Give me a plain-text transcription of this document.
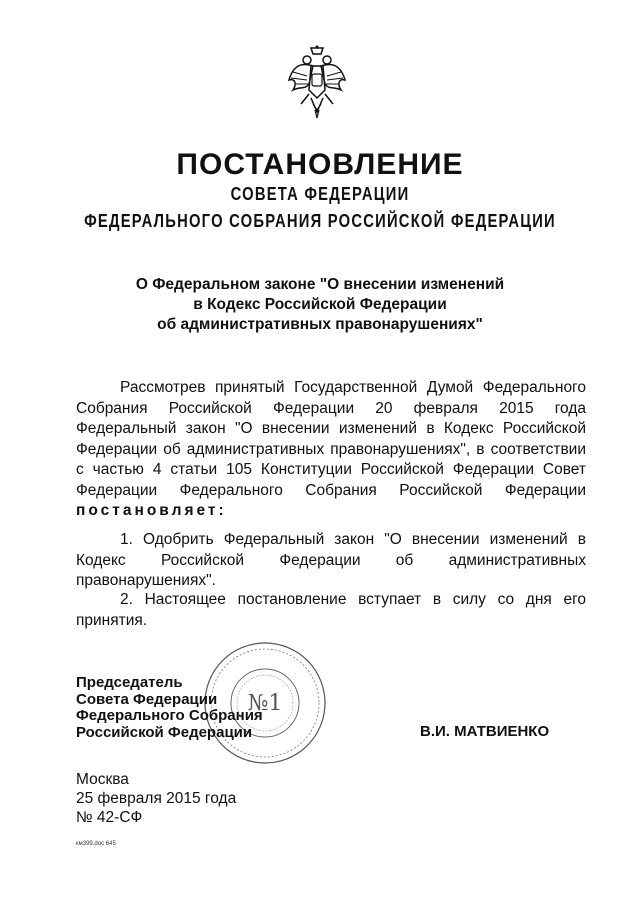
ПОСТАНОВЛЕНИЕ
СОВЕТА ФЕДЕРАЦИИ
ФЕДЕРАЛЬНОГО СОБРАНИЯ РОССИЙСКОЙ ФЕДЕРАЦИИ
О Федеральном законе "О внесении изменений
в Кодекс Российской Федерации
об административных правонарушениях"
Рассмотрев принятый Государственной Думой Федерального Собрания Российской Федерации 20 февраля 2015 года Федеральный закон "О внесении изменений в Кодекс Российской Федерации об административных правонарушениях", в соответствии с частью 4 статьи 105 Конституции Российской Федерации Совет Федерации Федерального Собрания Российской Федерации постановляет:
1. Одобрить Федеральный закон "О внесении изменений в Кодекс Российской Федерации об административных правонарушениях".
2. Настоящее постановление вступает в силу со дня его принятия.
№1
Председатель
Совета Федерации
Федерального Собрания
Российской Федерации	В.И. МАТВИЕНКО
Москва
25 февраля 2015 года
№ 42-СФ
км399.doc 645
